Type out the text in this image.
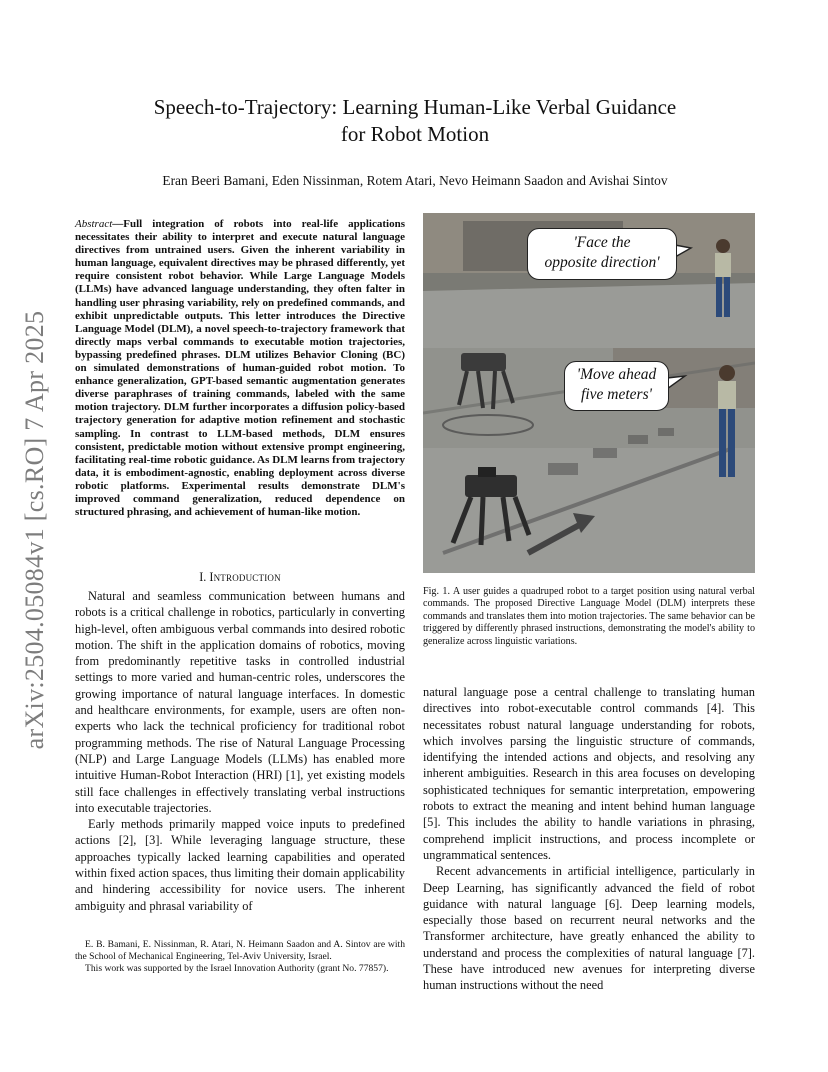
arXiv:2504.05084v1 [cs.RO] 7 Apr 2025
Speech-to-Trajectory: Learning Human-Like Verbal Guidance
for Robot Motion

Eran Beeri Bamani, Eden Nissinman, Rotem Atari, Nevo Heimann Saadon and Avishai Sintov

Abstract—Full integration of robots into real-life applications necessitates their ability to interpret and execute natural language directives from untrained users. Given the inherent variability in human language, equivalent directives may be phrased differently, yet require consistent robot behavior. While Large Language Models (LLMs) have advanced language understanding, they often falter in handling user phrasing variability, rely on predefined commands, and exhibit unpredictable outputs. This letter introduces the Directive Language Model (DLM), a novel speech-to-trajectory framework that directly maps verbal commands to executable motion trajectories, bypassing predefined phrases. DLM utilizes Behavior Cloning (BC) on simulated demonstrations of human-guided robot motion. To enhance generalization, GPT-based semantic augmentation generates diverse paraphrases of training commands, labeled with the same motion trajectory. DLM further incorporates a diffusion policy-based trajectory generation for adaptive motion refinement and stochastic sampling. In contrast to LLM-based methods, DLM ensures consistent, predictable motion without extensive prompt engineering, facilitating real-time robotic guidance. As DLM learns from trajectory data, it is embodiment-agnostic, enabling deployment across diverse robotic platforms. Experimental results demonstrate DLM's improved command generalization, reduced dependence on structured phrasing, and achievement of human-like motion.

I. Introduction

Natural and seamless communication between humans and robots is a critical challenge in robotics, particularly in converting high-level, often ambiguous verbal commands into desired robotic motion. The shift in the application domains of robotics, moving from predominantly repetitive tasks in controlled industrial settings to more varied and human-centric roles, underscores the growing importance of natural language interfaces. In domestic and healthcare environments, for example, users are often non-experts who lack the technical proficiency for traditional robot programming methods. The rise of Natural Language Processing (NLP) and Large Language Models (LLMs) has enabled more intuitive Human-Robot Interaction (HRI) [1], yet existing models still face challenges in effectively translating verbal instructions into executable trajectories.

Early methods primarily mapped voice inputs to predefined actions [2], [3]. While leveraging language structure, these approaches typically lacked learning capabilities and operated within fixed action spaces, thus limiting their domain applicability and hindering accessibility for novice users. The inherent ambiguity and phrasal variability of

E. B. Bamani, E. Nissinman, R. Atari, N. Heimann Saadon and A. Sintov are with the School of Mechanical Engineering, Tel-Aviv University, Israel.

This work was supported by the Israel Innovation Authority (grant No. 77857).

'Face the
opposite direction'
'Move ahead
five meters'

Fig. 1. A user guides a quadruped robot to a target position using natural verbal commands. The proposed Directive Language Model (DLM) interprets these commands and translates them into motion trajectories. The same behavior can be triggered by differently phrased instructions, demonstrating the model's ability to generalize across linguistic variations.

natural language pose a central challenge to translating human directives into robot-executable control commands [4]. This necessitates robust natural language understanding for robots, which involves parsing the linguistic structure of commands, identifying the intended actions and objects, and resolving any inherent ambiguities. Research in this area focuses on developing sophisticated techniques for semantic interpretation, empowering robots to extract the meaning and intent behind human language [5]. This includes the ability to handle variations in phrasing, comprehend implicit instructions, and process incomplete or ungrammatical sentences.

Recent advancements in artificial intelligence, particularly in Deep Learning, has significantly advanced the field of robot guidance with natural language [6]. Deep learning models, especially those based on recurrent neural networks and the Transformer architecture, have greatly enhanced the ability to understand and process the complexities of natural language [7]. These have introduced new avenues for interpreting diverse human instructions without the need
